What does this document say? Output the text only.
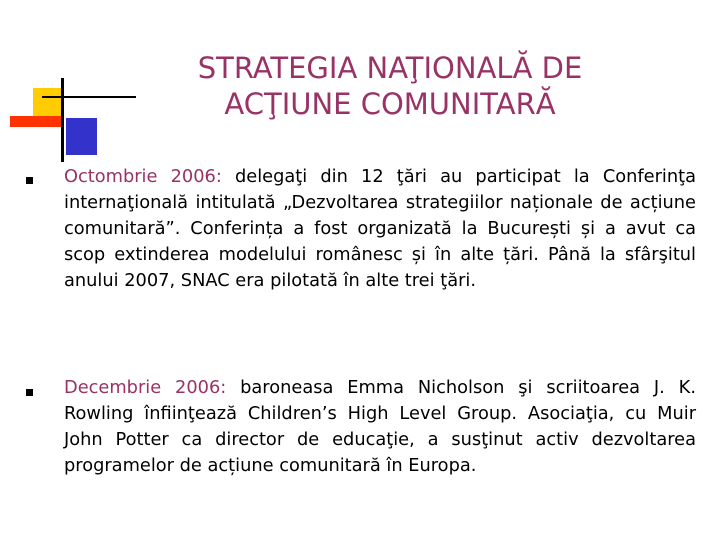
STRATEGIA NAŢIONALĂ DE
ACŢIUNE COMUNITARĂ

Octombrie 2006: delegaţi din 12 ţări au participat la Conferinţa internaţională intitulată „Dezvoltarea strategiilor naționale de acțiune comunitară”. Conferința a fost organizată la București și a avut ca scop extinderea modelului românesc și în alte țări. Până la sfârşitul anului 2007, SNAC era pilotată în alte trei ţări.

Decembrie 2006: baroneasa Emma Nicholson şi scriitoarea J. K. Rowling înfiinţează Children’s High Level Group. Asociaţia, cu Muir John Potter ca director de educaţie, a susţinut activ dezvoltarea programelor de acțiune comunitară în Europa.
